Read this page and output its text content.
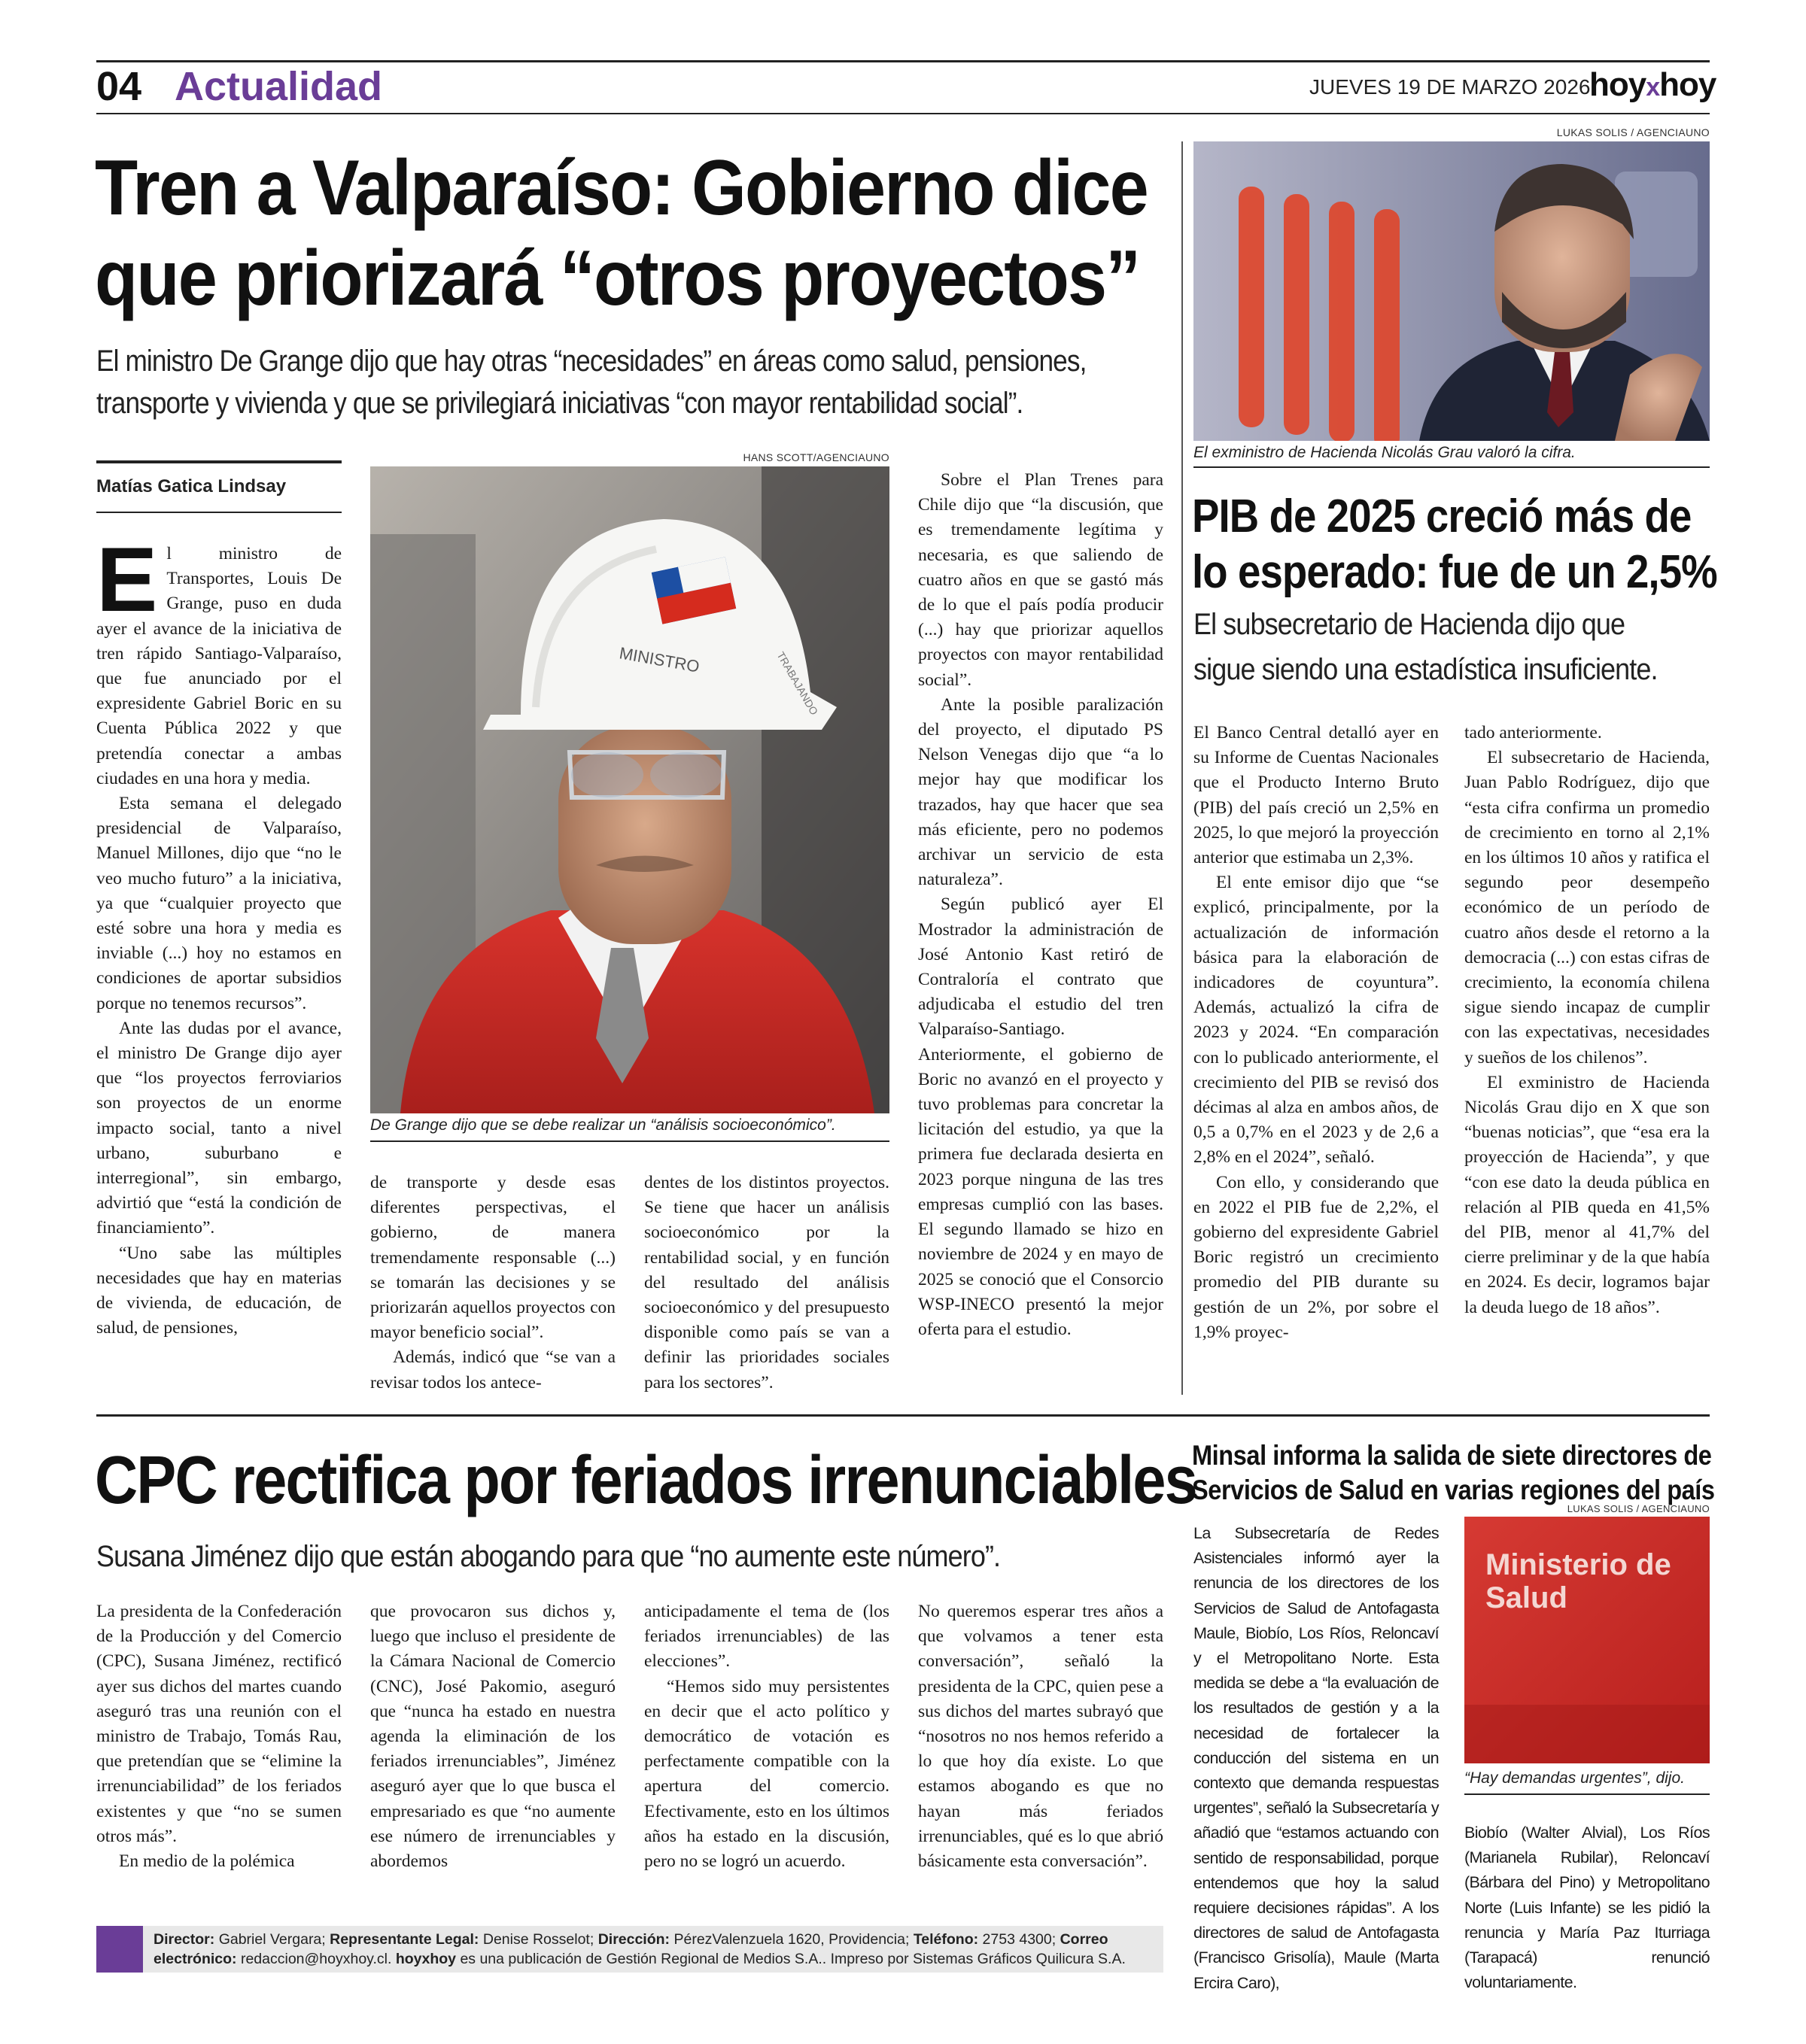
04 Actualidad	JUEVES 19 DE MARZO 2026
hoyxhoy
Tren a Valparaíso: Gobierno dice
que priorizará “otros proyectos”
El ministro De Grange dijo que hay otras “necesidades” en áreas como salud, pensiones,
transporte y vivienda y que se privilegiará iniciativas “con mayor rentabilidad social”.
Matías Gatica Lindsay

El ministro de Transportes, Louis De Grange, puso en duda ayer el avance de la iniciativa de tren rápido Santiago-Valparaíso, que fue anunciado por el expresidente Gabriel Boric en su Cuenta Pública 2022 y que pretendía conectar a ambas ciudades en una hora y media.

Esta semana el delegado presidencial de Valparaíso, Manuel Millones, dijo que “no le veo mucho futuro” a la iniciativa, ya que “cualquier proyecto que esté sobre una hora y media es inviable (...) hoy no estamos en condiciones de aportar subsidios porque no tenemos recursos”.

Ante las dudas por el avance, el ministro De Grange dijo ayer que “los proyectos ferroviarios son proyectos de un enorme impacto social, tanto a nivel urbano, suburbano e interregional”, sin embargo, advirtió que “está la condición de financiamiento”.

“Uno sabe las múltiples necesidades que hay en materias de vivienda, de educación, de salud, de pensiones,

HANS SCOTT/AGENCIAUNO
MINISTRO	TRABAJANDO
De Grange dijo que se debe realizar un “análisis socioeconómico”.

de transporte y desde esas diferentes perspectivas, el gobierno, de manera tremendamente responsable (...) se tomarán las decisiones y se priorizarán aquellos proyectos con mayor beneficio social”.

Además, indicó que “se van a revisar todos los antece-

dentes de los distintos proyectos. Se tiene que hacer un análisis socioeconómico por la rentabilidad social, y en función del resultado del análisis socioeconómico y del presupuesto disponible como país se van a definir las prioridades sociales para los sectores”.

Sobre el Plan Trenes para Chile dijo que “la discusión, que es tremendamente legítima y necesaria, es que saliendo de cuatro años en que se gastó más de lo que el país podía producir (...) hay que priorizar aquellos proyectos con mayor rentabilidad social”.

Ante la posible paralización del proyecto, el diputado PS Nelson Venegas dijo que “a lo mejor hay que modificar los trazados, hay que hacer que sea más eficiente, pero no podemos archivar un servicio de esta naturaleza”.

Según publicó ayer El Mostrador la administración de José Antonio Kast retiró de Contraloría el contrato que adjudicaba el estudio del tren Valparaíso-Santiago. Anteriormente, el gobierno de Boric no avanzó en el proyecto y tuvo problemas para concretar la licitación del estudio, ya que la primera fue declarada desierta en 2023 porque ninguna de las tres empresas cumplió con las bases. El segundo llamado se hizo en noviembre de 2024 y en mayo de 2025 se conoció que el Consorcio WSP-INECO presentó la mejor oferta para el estudio.

LUKAS SOLIS / AGENCIAUNO
El exministro de Hacienda Nicolás Grau valoró la cifra.
PIB de 2025 creció más de
lo esperado: fue de un 2,5%
El subsecretario de Hacienda dijo que
sigue siendo una estadística insuficiente.

El Banco Central detalló ayer en su Informe de Cuentas Nacionales que el Producto Interno Bruto (PIB) del país creció un 2,5% en 2025, lo que mejoró la proyección anterior que estimaba un 2,3%.

El ente emisor dijo que “se explicó, principalmente, por la actualización de información básica para la elaboración de indicadores de coyuntura”. Además, actualizó la cifra de 2023 y 2024. “En comparación con lo publicado anteriormente, el crecimiento del PIB se revisó dos décimas al alza en ambos años, de 0,5 a 0,7% en el 2023 y de 2,6 a 2,8% en el 2024”, señaló.

Con ello, y considerando que en 2022 el PIB fue de 2,2%, el gobierno del expresidente Gabriel Boric registró un crecimiento promedio del PIB durante su gestión de un 2%, por sobre el 1,9% proyec-

tado anteriormente.

El subsecretario de Hacienda, Juan Pablo Rodríguez, dijo que “esta cifra confirma un promedio de crecimiento en torno al 2,1% en los últimos 10 años y ratifica el segundo peor desempeño económico de un período de cuatro años desde el retorno a la democracia (...) con estas cifras de crecimiento, la economía chilena sigue siendo incapaz de cumplir con las expectativas, necesidades y sueños de los chilenos”.

El exministro de Hacienda Nicolás Grau dijo en X que son “buenas noticias”, que “esa era la proyección de Hacienda”, y que “con ese dato la deuda pública en relación al PIB queda en 41,5% del PIB, menor al 41,7% del cierre preliminar y de la que había en 2024. Es decir, logramos bajar la deuda luego de 18 años”.

CPC rectifica por feriados irrenunciables
Susana Jiménez dijo que están abogando para que “no aumente este número”.

La presidenta de la Confederación de la Producción y del Comercio (CPC), Susana Jiménez, rectificó ayer sus dichos del martes cuando aseguró tras una reunión con el ministro de Trabajo, Tomás Rau, que pretendían que se “elimine la irrenunciabilidad” de los feriados existentes y que “no se sumen otros más”.

En medio de la polémica

que provocaron sus dichos y, luego que incluso el presidente de la Cámara Nacional de Comercio (CNC), José Pakomio, aseguró que “nunca ha estado en nuestra agenda la eliminación de los feriados irrenunciables”, Jiménez aseguró ayer que lo que busca el empresariado es que “no aumente ese número de irrenunciables y abordemos

anticipadamente el tema de (los feriados irrenunciables) de las elecciones”.

“Hemos sido muy persistentes en decir que el acto político y democrático de votación es perfectamente compatible con la apertura del comercio. Efectivamente, esto en los últimos años ha estado en la discusión, pero no se logró un acuerdo.

No queremos esperar tres años a que volvamos a tener esta conversación”, señaló la presidenta de la CPC, quien pese a sus dichos del martes subrayó que “nosotros no nos hemos referido a lo que hoy día existe. Lo que estamos abogando es que no hayan más feriados irrenunciables, qué es lo que abrió básicamente esta conversación”.

Director: Gabriel Vergara; Representante Legal: Denise Rosselot; Dirección: PérezValenzuela 1620, Providencia; Teléfono: 2753 4300; Correo
electrónico: redaccion@hoyxhoy.cl. hoyxhoy es una publicación de Gestión Regional de Medios S.A.. Impreso por Sistemas Gráficos Quilicura S.A.
Minsal informa la salida de siete directores de
Servicios de Salud en varias regiones del país

La Subsecretaría de Redes Asistenciales informó ayer la renuncia de los directores de los Servicios de Salud de Antofagasta Maule, Biobío, Los Ríos, Reloncaví y el Metropolitano Norte. Esta medida se debe a “la evaluación de los resultados de gestión y a la necesidad de fortalecer la conducción del sistema en un contexto que demanda respuestas urgentes”, señaló la Subsecretaría y añadió que “estamos actuando con sentido de responsabilidad, porque entendemos que hoy la salud requiere decisiones rápidas”. A los directores de salud de Antofagasta (Francisco Grisolía), Maule (Marta Ercira Caro),

LUKAS SOLIS / AGENCIAUNO
Ministerio de
Salud
“Hay demandas urgentes”, dijo.

Biobío (Walter Alvial), Los Ríos (Marianela Rubilar), Reloncaví (Bárbara del Pino) y Metropolitano Norte (Luis Infante) se les pidió la renuncia y María Paz Iturriaga (Tarapacá) renunció voluntariamente.
